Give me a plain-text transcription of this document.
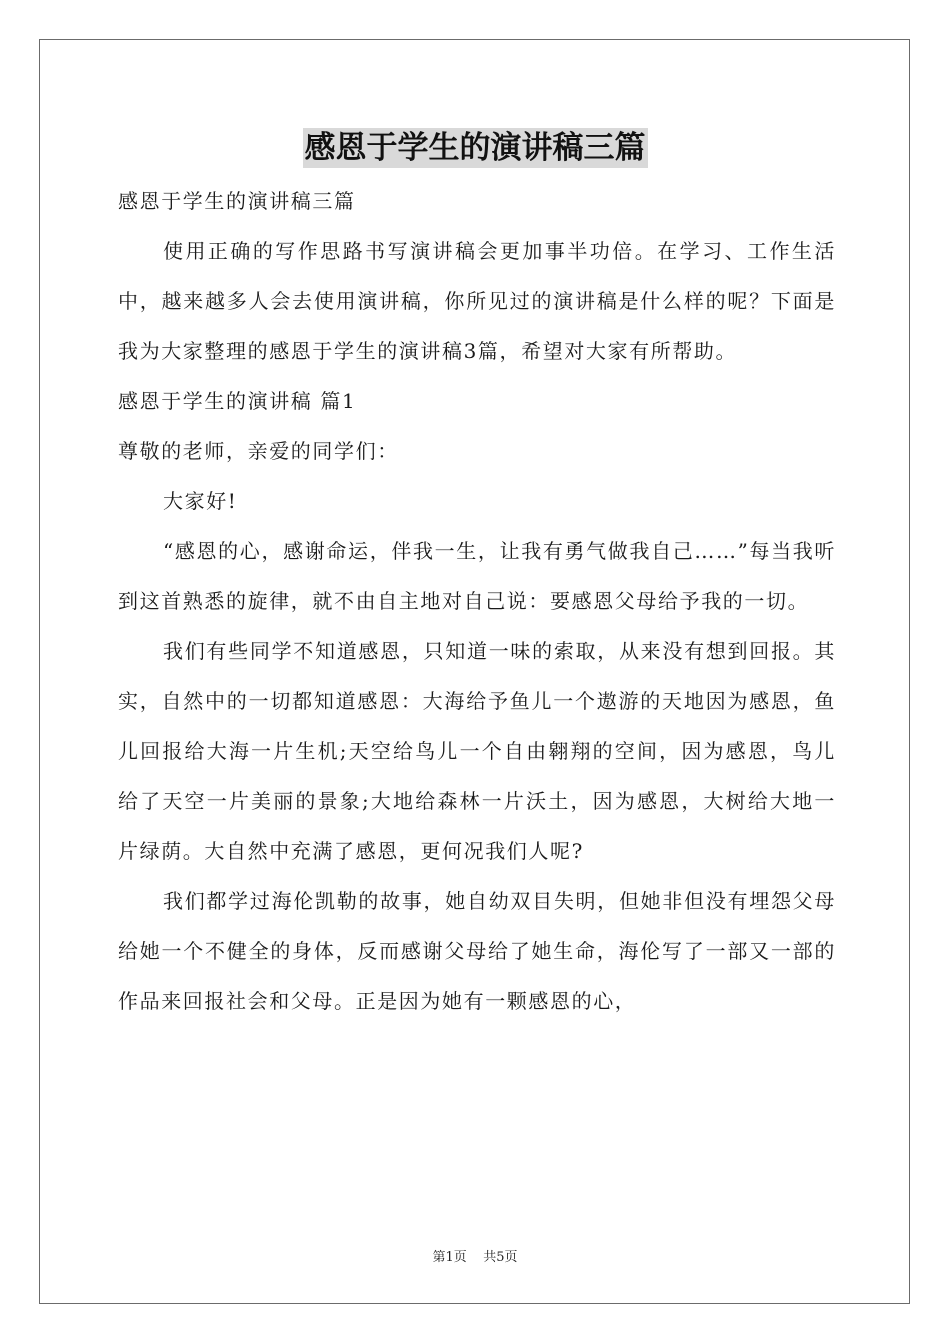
感恩于学生的演讲稿三篇

感恩于学生的演讲稿三篇

使用正确的写作思路书写演讲稿会更加事半功倍。在学习、工作生活中，越来越多人会去使用演讲稿，你所见过的演讲稿是什么样的呢？下面是我为大家整理的感恩于学生的演讲稿3篇，希望对大家有所帮助。

感恩于学生的演讲稿 篇1

尊敬的老师，亲爱的同学们：

大家好!

“感恩的心，感谢命运，伴我一生，让我有勇气做我自己……”每当我听到这首熟悉的旋律，就不由自主地对自己说：要感恩父母给予我的一切。

我们有些同学不知道感恩，只知道一味的索取，从来没有想到回报。其实，自然中的一切都知道感恩：大海给予鱼儿一个遨游的天地因为感恩，鱼儿回报给大海一片生机;天空给鸟儿一个自由翱翔的空间，因为感恩，鸟儿给了天空一片美丽的景象;大地给森林一片沃土，因为感恩，大树给大地一片绿荫。大自然中充满了感恩，更何况我们人呢?

我们都学过海伦凯勒的故事，她自幼双目失明，但她非但没有埋怨父母给她一个不健全的身体，反而感谢父母给了她生命，海伦写了一部又一部的作品来回报社会和父母。正是因为她有一颗感恩的心，

第1页 共5页
